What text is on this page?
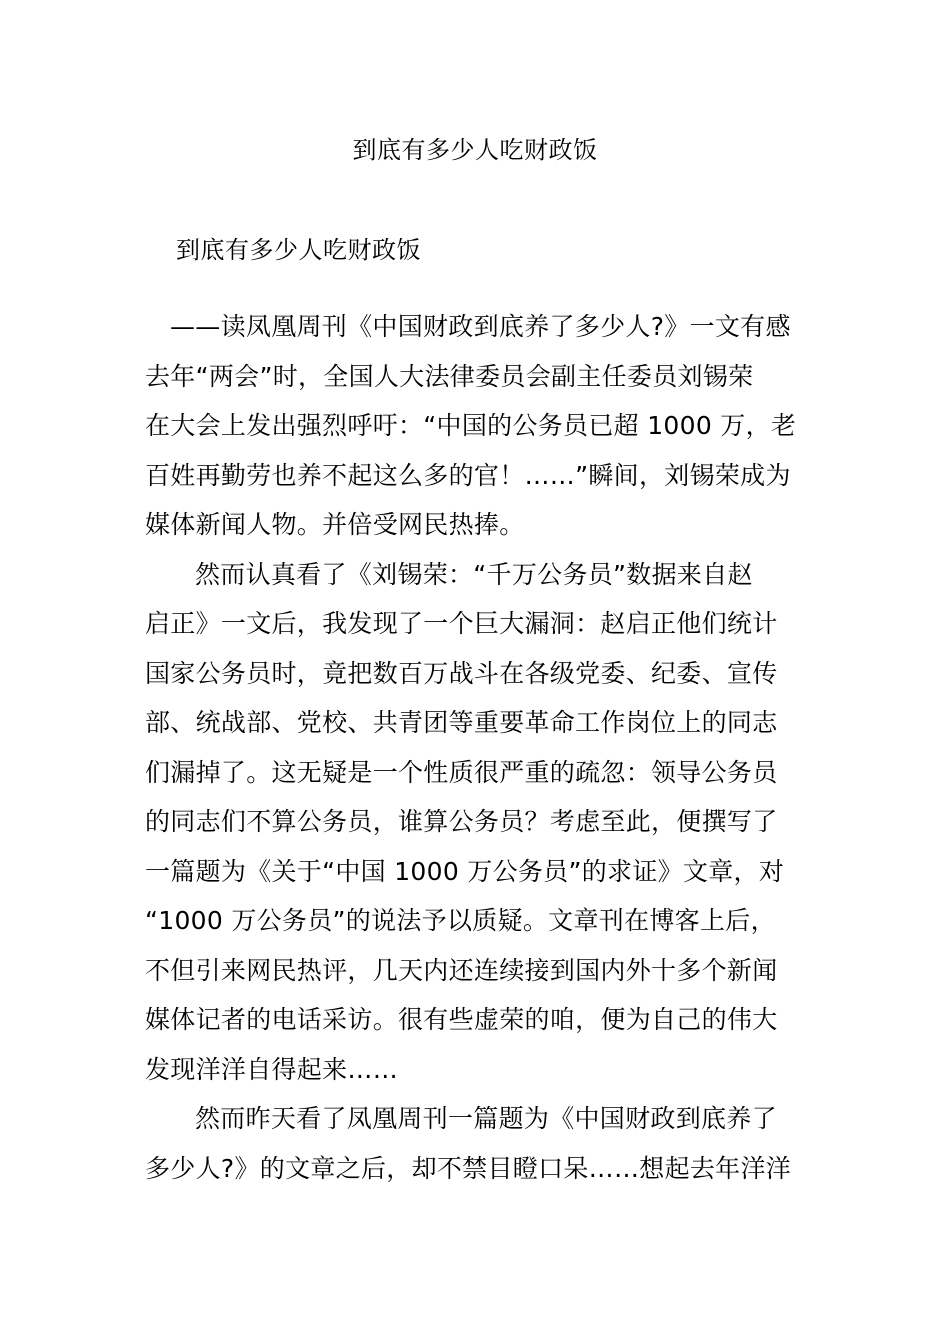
到底有多少人吃财政饭
到底有多少人吃财政饭
——读凤凰周刊《中国财政到底养了多少人?》一文有感
去年“两会”时，全国人大法律委员会副主任委员刘锡荣
在大会上发出强烈呼吁：“中国的公务员已超 1000 万，老
百姓再勤劳也养不起这么多的官！……”瞬间，刘锡荣成为
媒体新闻人物。并倍受网民热捧。
然而认真看了《刘锡荣：“千万公务员”数据来自赵
启正》一文后，我发现了一个巨大漏洞：赵启正他们统计
国家公务员时，竟把数百万战斗在各级党委、纪委、宣传
部、统战部、党校、共青团等重要革命工作岗位上的同志
们漏掉了。这无疑是一个性质很严重的疏忽：领导公务员
的同志们不算公务员，谁算公务员？考虑至此，便撰写了
一篇题为《关于“中国 1000 万公务员”的求证》文章，对
“1000 万公务员”的说法予以质疑。文章刊在博客上后，
不但引来网民热评，几天内还连续接到国内外十多个新闻
媒体记者的电话采访。很有些虚荣的咱，便为自己的伟大
发现洋洋自得起来……
然而昨天看了凤凰周刊一篇题为《中国财政到底养了
多少人?》的文章之后，却不禁目瞪口呆……想起去年洋洋
